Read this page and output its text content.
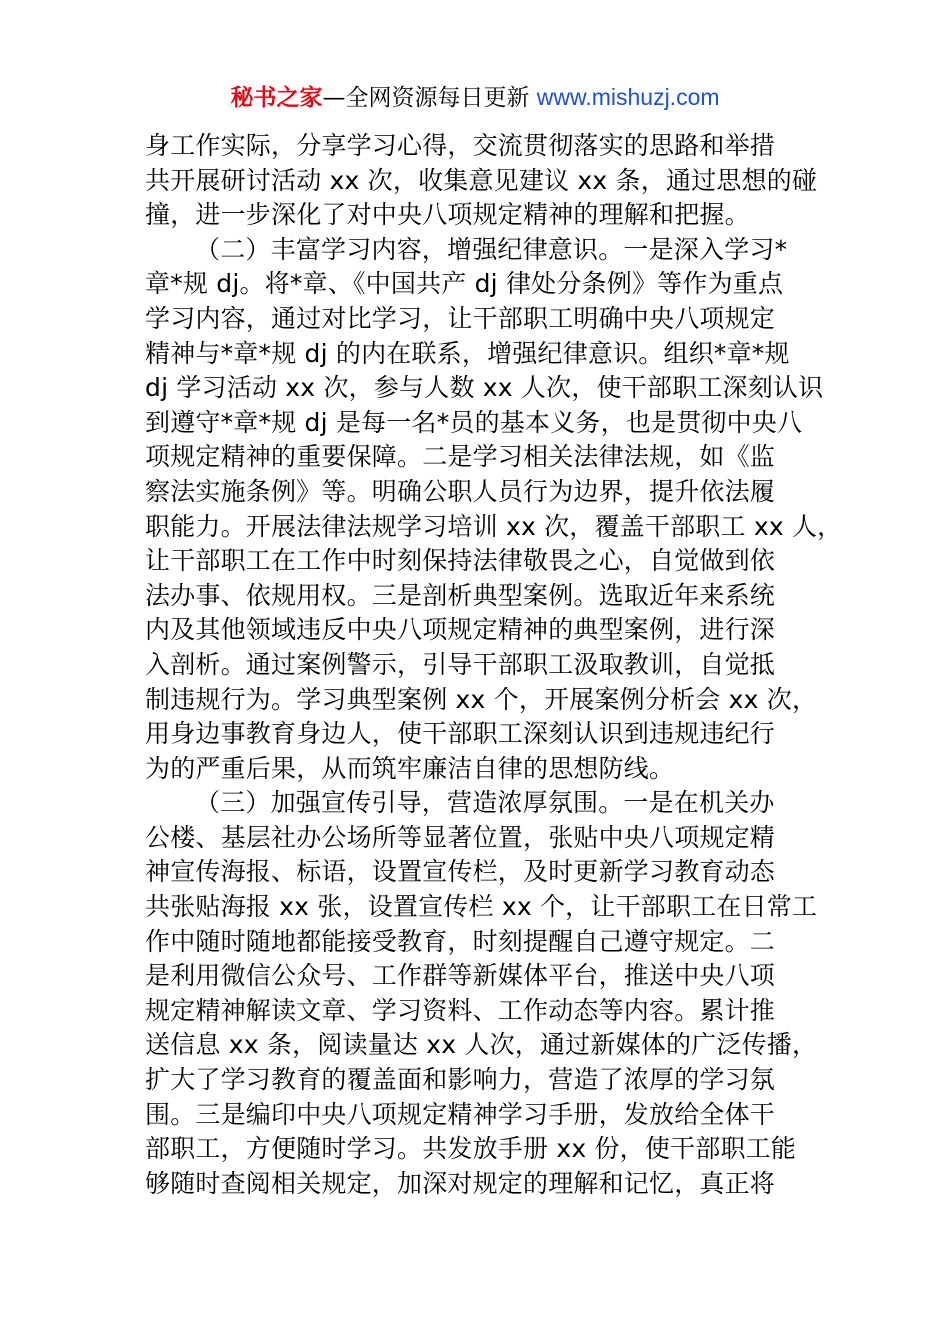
秘书之家—全网资源每日更新 www.mishuzj.com
身工作实际，分享学习心得，交流贯彻落实的思路和举措
共开展研讨活动 xx 次，收集意见建议 xx 条，通过思想的碰
撞，进一步深化了对中央八项规定精神的理解和把握。
（二）丰富学习内容，增强纪律意识。一是深入学习*
章*规 dj。将*章、《中国共产 dj 律处分条例》等作为重点
学习内容，通过对比学习，让干部职工明确中央八项规定
精神与*章*规 dj 的内在联系，增强纪律意识。组织*章*规
dj 学习活动 xx 次，参与人数 xx 人次，使干部职工深刻认识
到遵守*章*规 dj 是每一名*员的基本义务，也是贯彻中央八
项规定精神的重要保障。二是学习相关法律法规，如《监
察法实施条例》等。明确公职人员行为边界，提升依法履
职能力。开展法律法规学习培训 xx 次，覆盖干部职工 xx 人，
让干部职工在工作中时刻保持法律敬畏之心，自觉做到依
法办事、依规用权。三是剖析典型案例。选取近年来系统
内及其他领域违反中央八项规定精神的典型案例，进行深
入剖析。通过案例警示，引导干部职工汲取教训，自觉抵
制违规行为。学习典型案例 xx 个，开展案例分析会 xx 次，
用身边事教育身边人，使干部职工深刻认识到违规违纪行
为的严重后果，从而筑牢廉洁自律的思想防线。
（三）加强宣传引导，营造浓厚氛围。一是在机关办
公楼、基层社办公场所等显著位置，张贴中央八项规定精
神宣传海报、标语，设置宣传栏，及时更新学习教育动态
共张贴海报 xx 张，设置宣传栏 xx 个，让干部职工在日常工
作中随时随地都能接受教育，时刻提醒自己遵守规定。二
是利用微信公众号、工作群等新媒体平台，推送中央八项
规定精神解读文章、学习资料、工作动态等内容。累计推
送信息 xx 条，阅读量达 xx 人次，通过新媒体的广泛传播，
扩大了学习教育的覆盖面和影响力，营造了浓厚的学习氛
围。三是编印中央八项规定精神学习手册，发放给全体干
部职工，方便随时学习。共发放手册 xx 份，使干部职工能
够随时查阅相关规定，加深对规定的理解和记忆，真正将
